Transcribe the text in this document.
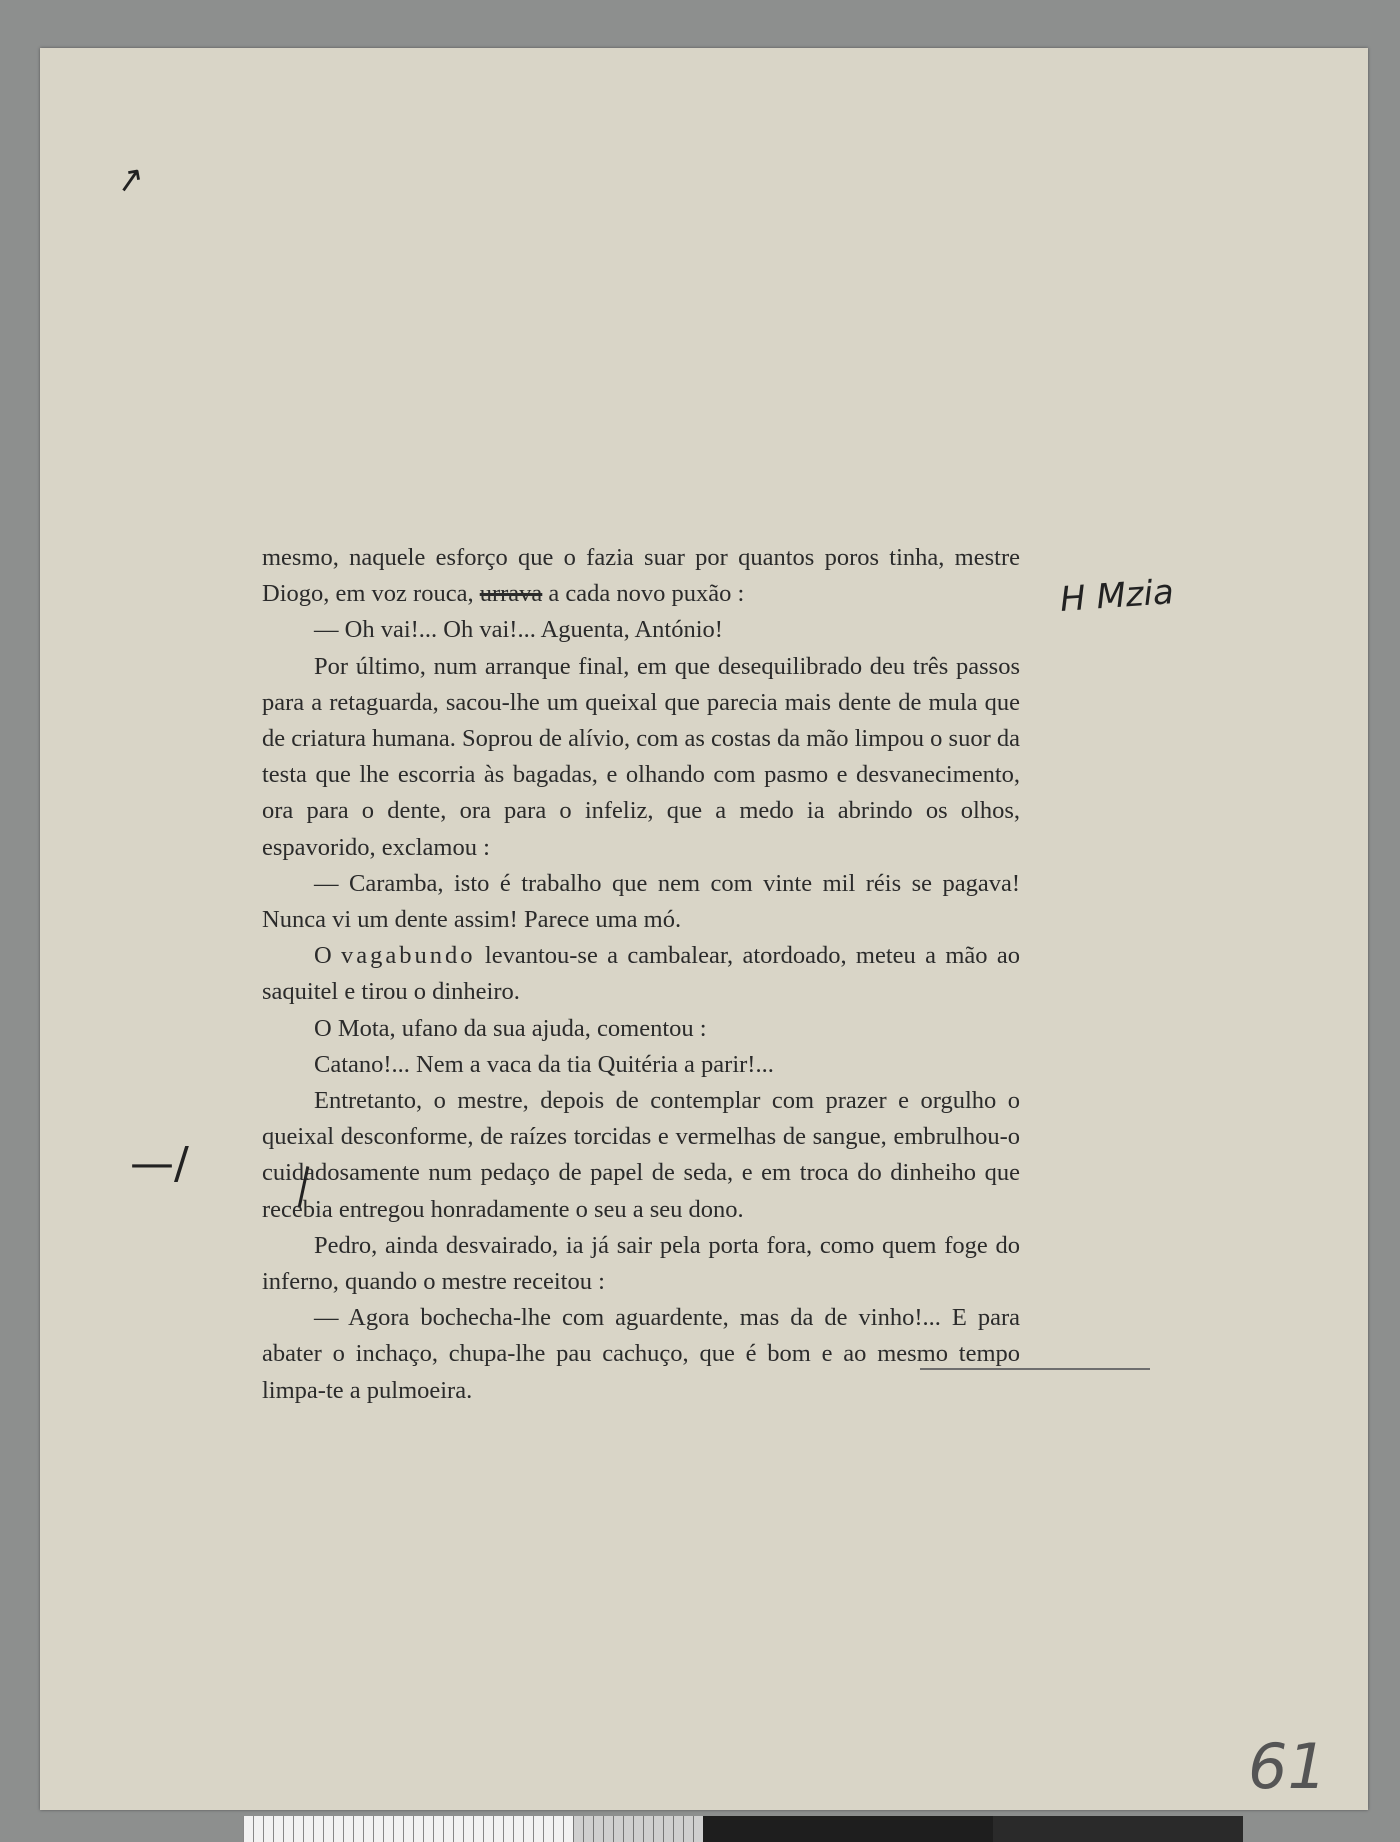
↗
H Mzia
—/

mesmo, naquele esforço que o fazia suar por quantos poros tinha, mestre Diogo, em voz rouca, urrava a cada novo puxão :

— Oh vai!... Oh vai!... Aguenta, António!

Por último, num arranque final, em que desequilibrado deu três passos para a retaguarda, sacou-lhe um queixal que parecia mais dente de mula que de criatura humana. Soprou de alívio, com as costas da mão limpou o suor da testa que lhe escorria às bagadas, e olhando com pasmo e desvanecimento, ora para o dente, ora para o infeliz, que a medo ia abrindo os olhos, espavorido, exclamou :

— Caramba, isto é trabalho que nem com vinte mil réis se pagava! Nunca vi um dente assim! Parece uma mó.

O vagabundo levantou-se a cambalear, atordoado, meteu a mão ao saquitel e tirou o dinheiro.

O Mota, ufano da sua ajuda, comentou :

Catano!... Nem a vaca da tia Quitéria a parir!...

Entretanto, o mestre, depois de contemplar com prazer e orgulho o queixal desconforme, de raízes torcidas e vermelhas de sangue, embrulhou-o cuidadosamente num pedaço de papel de seda, e em troca do dinheiho que recebia entregou honradamente o seu a seu dono.

Pedro, ainda desvairado, ia já sair pela porta fora, como quem foge do inferno, quando o mestre receitou :

— Agora bochecha-lhe com aguardente, mas da de vinho!... E para abater o inchaço, chupa-lhe pau cachuço, que é bom e ao mesmo tempo limpa-te a pulmoeira.

61
